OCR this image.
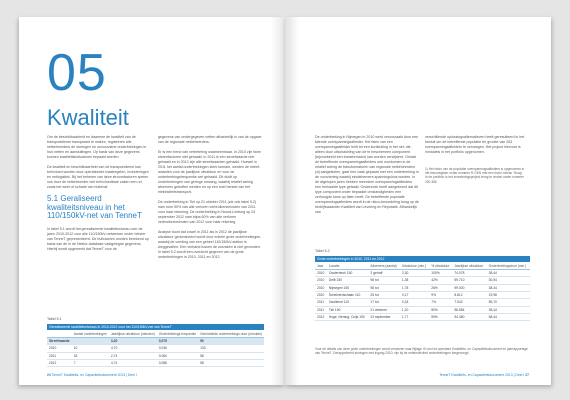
05
Kwaliteit

Om de beschikbaarheid en daarmee de kwaliteit van de transportdienst transparant te maken, registreren alle netbeheerders de storingen en onvoorziene onderbrekingen in hun netten en aansluitingen. Op basis van deze gegevens kunnen kwaliteitsindicatoren bepaald worden.

De kwaliteit en beschikbaarheid van de transportdienst kan beïnvloed worden door operationele maatregelen, investeringen en netlogistiek. Bij het beheren van deze stroomfactoren spelen ook door de netbeheerder niet beïnvloedbare zaken een rol, zoals het weer of schade van buitenaf.

5.1 Geraliseerd kwaliteitsniveau in het 110/150kV-net van TenneT

In tabel 5.1 wordt het gerealiseerde kwaliteitsniveau over de jaren 2010-2012 voor alle 110/150kV-netwerken onder beheer van TenneT gepresenteerd. De indicatoren worden berekend op basis van de in de Nestor-database vastgelegde gegevens. Hierbij wordt opgemerkt dat TenneT voor de

gegevens van ondergegeven netten afhankelijk is van de opgave van de regionale netbeheerders.

Er is een trend van verbetering waarneembaar. In 2010 zijn twee storenfactoren niet gehaald; in 2011 is een stroefwaarde niet gehaald en in 2012 zijn alle streefwaarden gehaald. Hoewel in 2011 het aantal onderbrekingen sterk toenam, werden de streef-waarden voor de jaarlijkse uitvalduur en voor de onderbrekingsfrequentie wel gehaald. Dit duidt op onderbrekingen van geringe omvang, waarbij relatief weinig afnemers getroffen werden en op een snel herstel van het elektriciteitstransport.

De onderbreking in Tiel op 21 oktober 2011 (zie ook tabel 5.2) nam ruim 50% van alle verloren verbruikersminuten van 2011 voor haar rekening. De onderbreking in Noord-Limburg op 24 september 2012 nam bijna 60% van alle verloren verbruikersminuten van 2012 voor haar rekening.

Analyse toont dat zowel in 2011 als in 2012 de jaarlijkse uitvalduur gedomineerd wordt door enkele grote onderbrekingen, waarbij de voeding van een geheel 110/150kV-station is weggevallen. Een verband tussen de oorzaken is niet gevonden. In tabel 5.2 wordt een overzicht gegeven van de grote onderbrekingen in 2010, 2011 en 2012.

Tabel 5.1
Gerealiseerde kwaliteitsniveaus in 2010-2012 voor het 110/150kV-net van TenneT				
	Aantal onderbrekingen	Jaarlijkse uitvalduur (minuten)	Onderbrekings-frequentie	Gemiddelde onderbrekings-duur (minuten)
Streefwaarde		3,20	0,075	50
2010	10	4,70	0,036	133
2011	18	2,74	0,060	58
2012	7	4,74	0,088	58
24 TenneT Kwaliteits- en Capaciteitsdocument 2013 | Deel I

De onderbreking in Nijmegen in 2010 werd veroorzaakt door een falende overspanningsafleider. Het falen van een overspanningsafleider leidt tot een kortsluiting in het net; die, alleen door uitschakeling van de te beschermen component (bijvoorbeeld een transformator) kan worden verwijderd. Omdat de betreffende overspanningsafleiders ook voorkomen in de relatief weinig de transformatoren van regionale netbeheerders (zij aangesloten, gaat hen vaak gepaard met een onderbreking in de voorziening waarbij eindafnemers spanningsloos worden. In de afgelopen jaren hebben meerdere overspanningsafleiders een herhaalde type gefaald. Onderzoek heeft aangetoond dat dit type component onder bepaalde omstandigheden een verhoogde kans op falen heeft. De betreffende populatie overspanningsafleiders wordt in de risico-beoordeling hoog op de bedrijfswaarden Kwaliteit van Levering en Reputatie. Afhankelijk van

verschillende oplossingsalternatieven heeft geresulteerd in het besluit om de betreffende populatie ter grootte van 263 overspanningsafleiders te vervangen. Het project hiervoor is inmiddels in het portfolio opgenomen.

1) Het risico van de populatie overspanningsafleiders is opgenomen in het risicoregister onder nummer R-GEN met een risico-niveau 'Hoog'. In de portfolio is het investeringsproject terug te vinden onder nummer 200-386
Tabel 5.2
Grote onderbrekingen in 2010, 2011 en 2012						
Jaar	Locatie	Afnemers (aantal)	Uitvalduur (min.)	% uitvalduur	Jaarlijkse uitvalduur	Onderbrekingsduur (min.)
2010	Oosterhesh 150	3 getroff	2,30	100%	74.078	38,44
2010	Delft 150	98 tot	1,38	42%	59.710	30,54
2010	Nijmegen 150	98 tot	1,78	26%	99.000	38,44
2010	Schelverdschaan 110	25 tot	0,17	9%	8.812	19,98
2011	Zwolleind 110	17 tot	0,18	7%	7.542	56,70
2011	Tiel 150	21 afnemer	1,20	50%	98.584	38,44
2012	Hoge, Nentug, Cuijk 150	24 september	1,77	59%	94.480	58,44
Voor de details van deze grote onderbrekingen wordt verwezen naar Bijlage III van het openbare Kwaliteits- en Capaciteitsdocument en jaarrapportage van TenneT. Gerapporteerd storingen met ingang 2010; zijn bij de netelectriciteit onderbrekingen toegevoegd.
TenneT Kwaliteits- en Capaciteitsdocument 2013 | Deel I 27
